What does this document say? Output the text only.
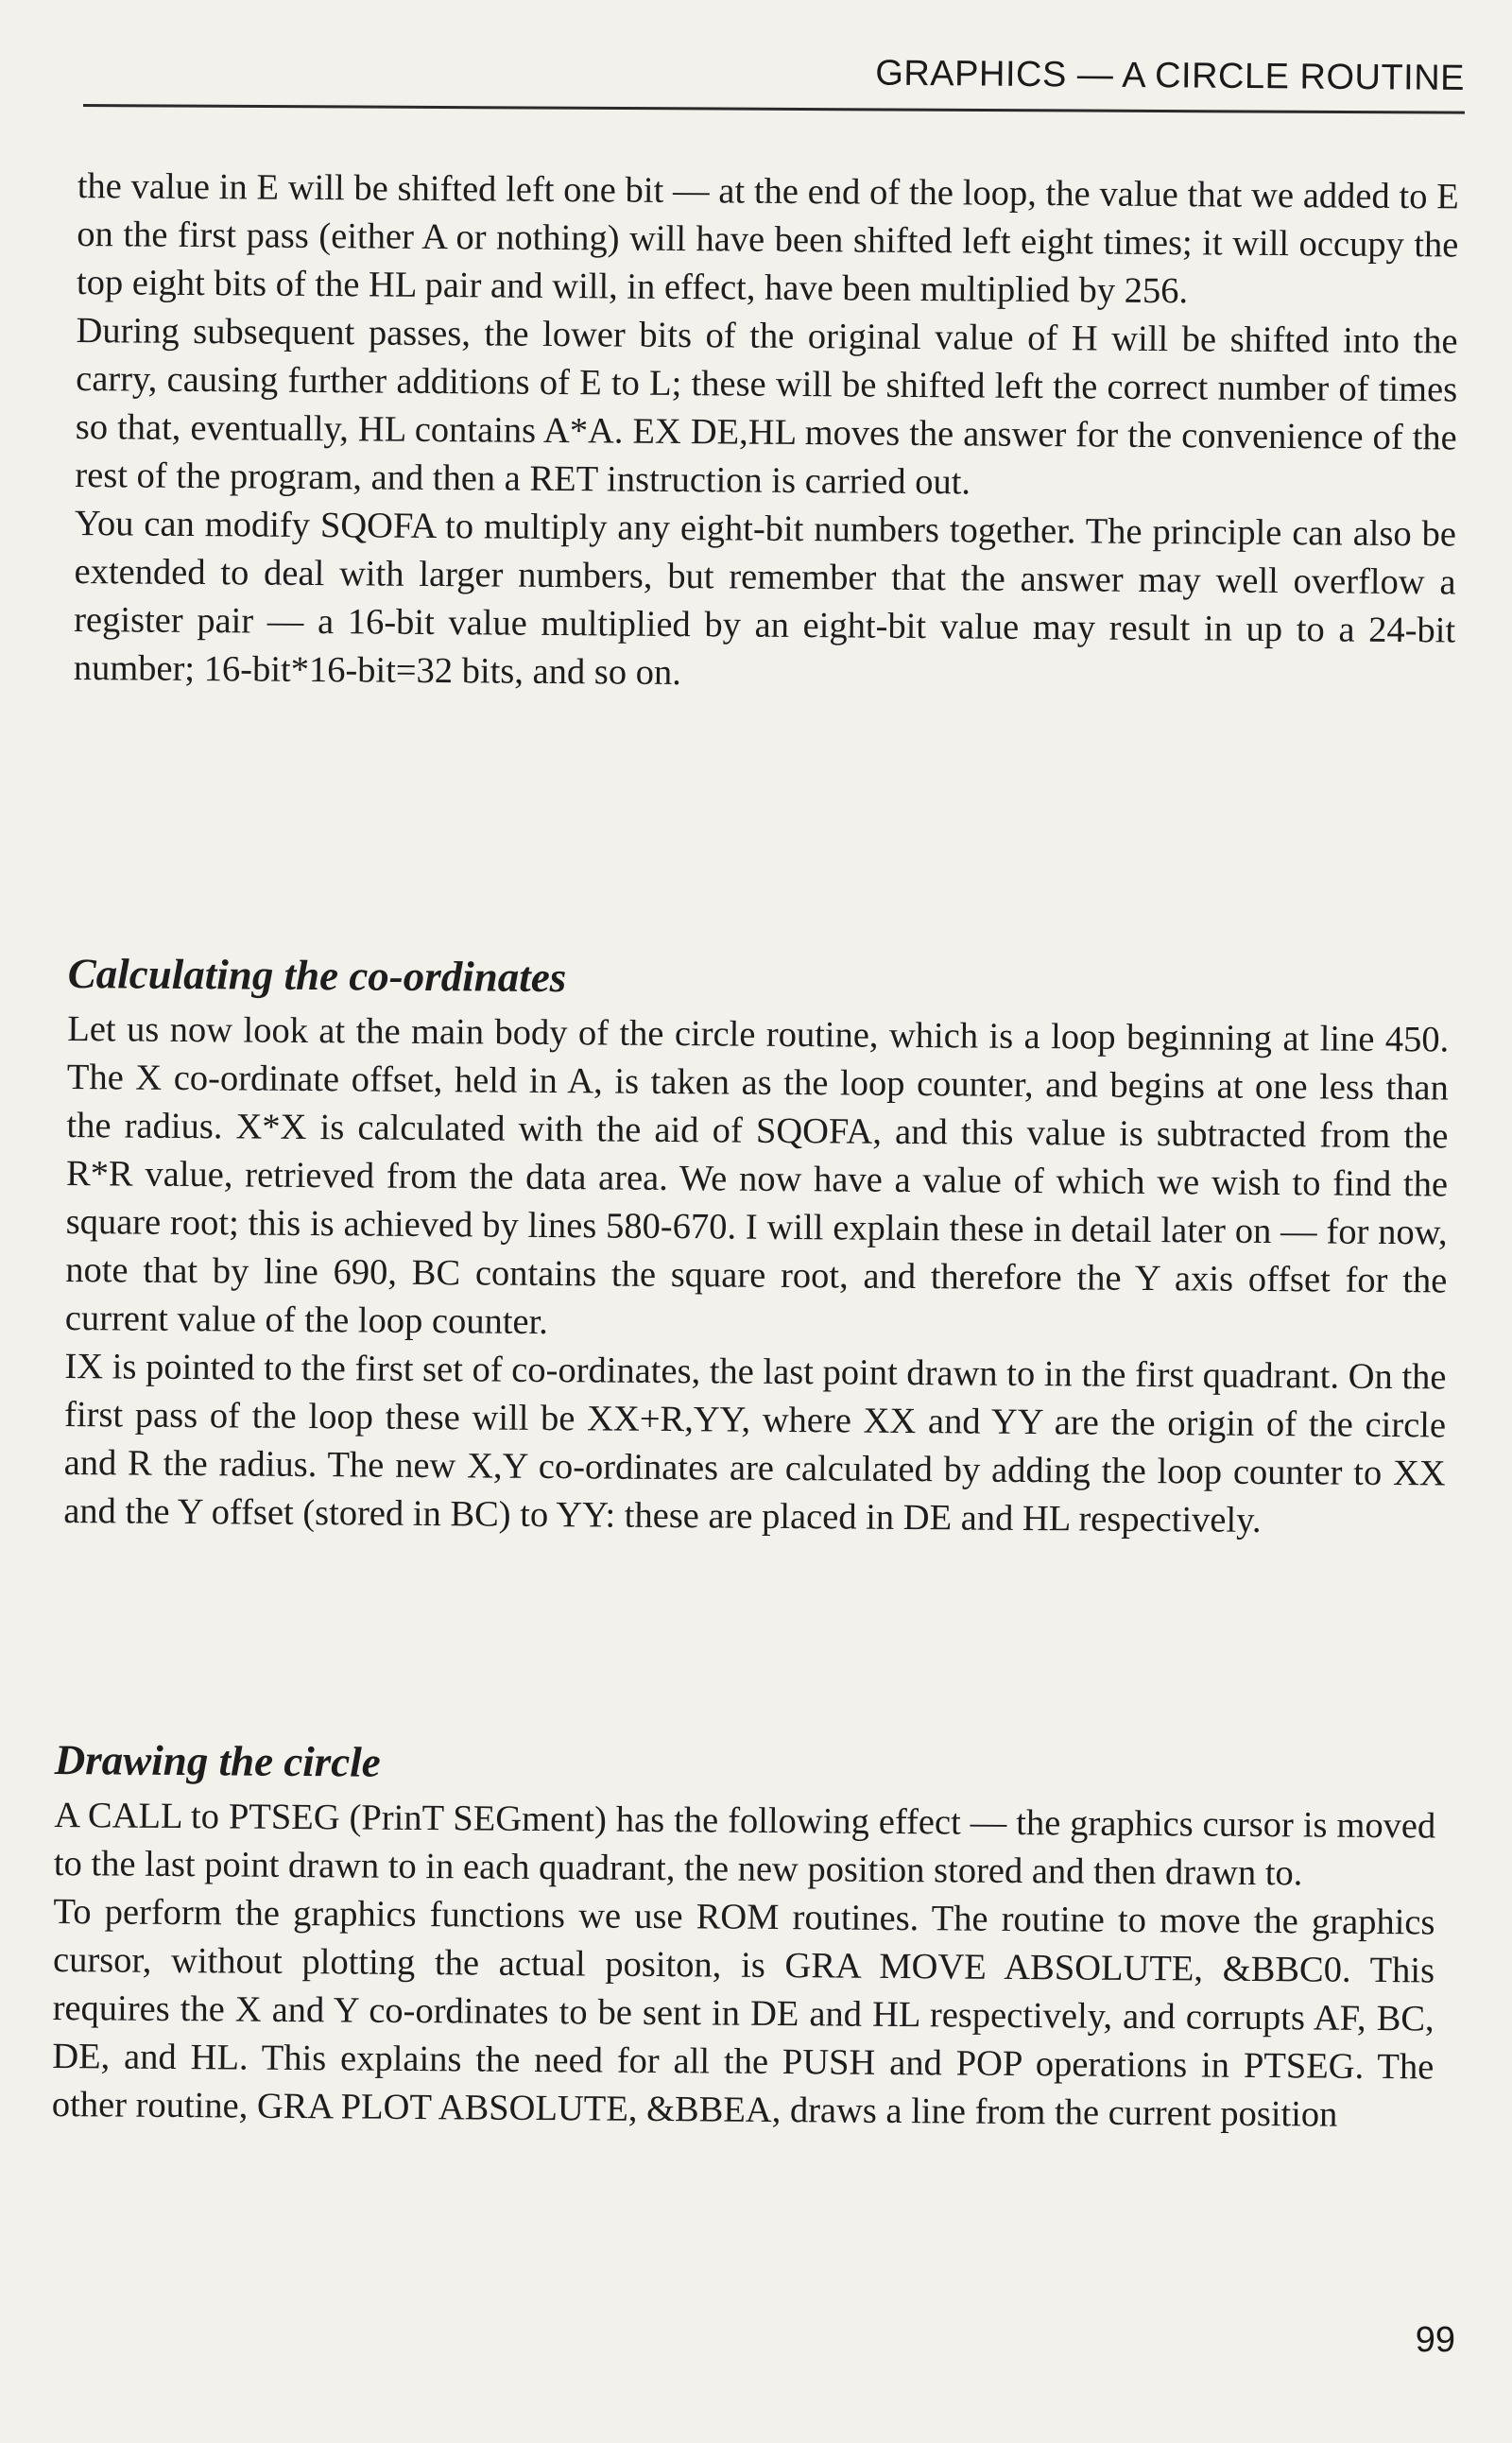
GRAPHICS — A CIRCLE ROUTINE

the value in E will be shifted left one bit — at the end of the loop, the value that we added to E on the first pass (either A or nothing) will have been shifted left eight times; it will occupy the top eight bits of the HL pair and will, in effect, have been multiplied by 256.

During subsequent passes, the lower bits of the original value of H will be shifted into the carry, causing further additions of E to L; these will be shifted left the correct number of times so that, eventually, HL contains A*A. EX DE,HL moves the answer for the convenience of the rest of the program, and then a RET instruction is carried out.

You can modify SQOFA to multiply any eight-bit numbers together. The principle can also be extended to deal with larger numbers, but remember that the answer may well overflow a register pair — a 16-bit value multiplied by an eight-bit value may result in up to a 24-bit number; 16-bit*16-bit=32 bits, and so on.

Calculating the co-ordinates

Let us now look at the main body of the circle routine, which is a loop beginning at line 450. The X co-ordinate offset, held in A, is taken as the loop counter, and begins at one less than the radius. X*X is calculated with the aid of SQOFA, and this value is subtracted from the R*R value, retrieved from the data area. We now have a value of which we wish to find the square root; this is achieved by lines 580-670. I will explain these in detail later on — for now, note that by line 690, BC contains the square root, and therefore the Y axis offset for the current value of the loop counter.

IX is pointed to the first set of co-ordinates, the last point drawn to in the first quadrant. On the first pass of the loop these will be XX+R,YY, where XX and YY are the origin of the circle and R the radius. The new X,Y co-ordinates are calculated by adding the loop counter to XX and the Y offset (stored in BC) to YY: these are placed in DE and HL respectively.

Drawing the circle

A CALL to PTSEG (PrinT SEGment) has the following effect — the graphics cursor is moved to the last point drawn to in each quadrant, the new position stored and then drawn to.

To perform the graphics functions we use ROM routines. The routine to move the graphics cursor, without plotting the actual positon, is GRA MOVE ABSOLUTE, &BBC0. This requires the X and Y co-ordinates to be sent in DE and HL respectively, and corrupts AF, BC, DE, and HL. This explains the need for all the PUSH and POP operations in PTSEG. The other routine, GRA PLOT ABSOLUTE, &BBEA, draws a line from the current position

99
